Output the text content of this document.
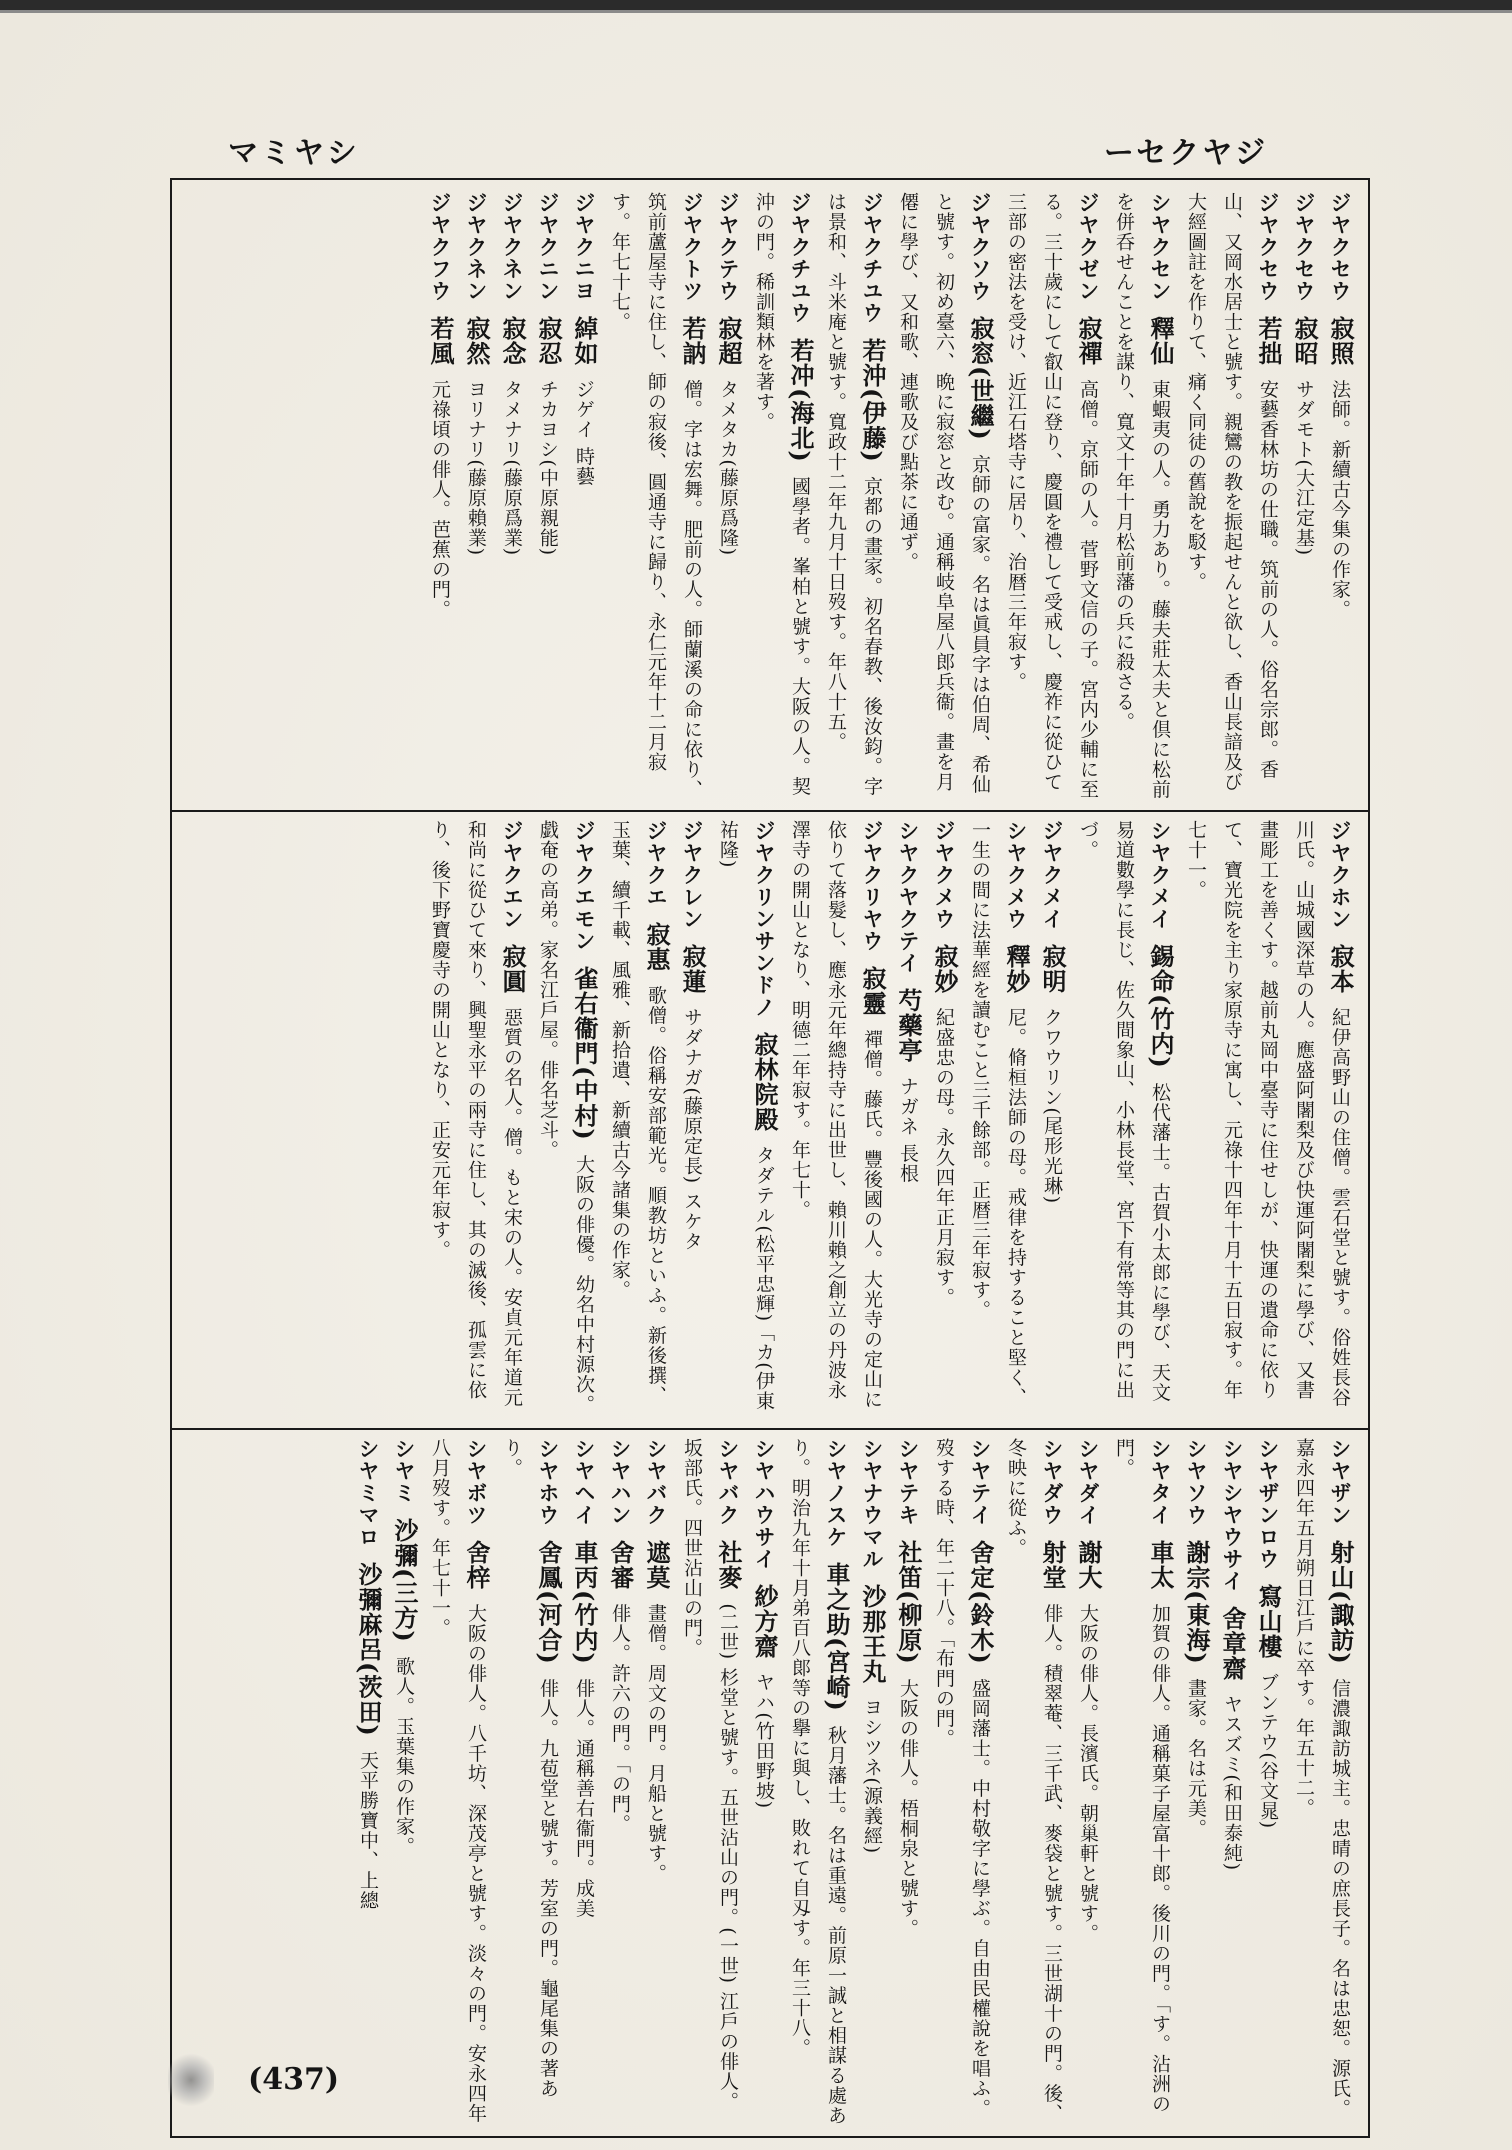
シヤミマ	ジヤクセー

ジヤクセウ 寂照 法師。新續古今集の作家。

ジヤクセウ 寂昭 サダモト(大江定基)

ジヤクセウ 若拙 安藝香林坊の仕職。筑前の人。俗名宗郎。香山、又岡水居士と號す。親鸞の教を振起せんと欲し、香山長諳及び大經圖註を作りて、痛く同徒の舊說を駁す。

シヤクセン 釋仙 東蝦夷の人。勇力あり。藤夫莊太夫と倶に松前を併呑せんことを謀り、寬文十年十月松前藩の兵に殺さる。

ジヤクゼン 寂禪 高僧。京師の人。菅野文信の子。宮内少輔に至る。三十歲にして叡山に登り、慶圓を禮して受戒し、慶祚に從ひて三部の密法を受け、近江石塔寺に居り、治暦三年寂す。

ジヤクソウ 寂窓(世繼) 京師の富家。名は眞員字は伯周、希仙と號す。初め臺六、晩に寂窓と改む。通稱岐阜屋八郎兵衞。畫を月僊に學び、又和歌、連歌及び點茶に通ず。

ジヤクチユウ 若沖(伊藤) 京都の畫家。初名春教、後汝鈞。字は景和、斗米庵と號す。寬政十二年九月十日歿す。年八十五。

ジヤクチユウ 若冲(海北) 國學者。峯柏と號す。大阪の人。契沖の門。稀訓類林を著す。

ジヤクテウ 寂超 タメタカ(藤原爲隆)

ジヤクトツ 若訥 僧。字は宏舞。肥前の人。師蘭溪の命に依り、筑前蘆屋寺に住し、師の寂後、圓通寺に歸り、永仁元年十二月寂す。年七十七。

ジヤクニヨ 綽如 ジゲイ 時藝

ジヤクニン 寂忍 チカヨシ(中原親能)

ジヤクネン 寂念 タメナリ(藤原爲業)

ジヤクネン 寂然 ヨリナリ(藤原賴業)

ジヤクフウ 若風 元祿頃の俳人。芭蕉の門。

ジヤクホン 寂本 紀伊高野山の住僧。雲石堂と號す。俗姓長谷川氏。山城國深草の人。應盛阿闍梨及び快運阿闍梨に學び、又書畫彫工を善くす。越前丸岡中臺寺に住せしが、快運の遺命に依りて、寶光院を主り家原寺に寓し、元祿十四年十月十五日寂す。年七十一。

シヤクメイ 錫命(竹内) 松代藩士。古賀小太郎に學び、天文易道數學に長じ、佐久間象山、小林長堂、宮下有常等其の門に出づ。

ジヤクメイ 寂明 クワウリン(尾形光琳)

シヤクメウ 釋妙 尼。脩桓法師の母。戒律を持すること堅く、一生の間に法華經を讀むこと三千餘部。正暦三年寂す。

ジヤクメウ 寂妙 紀盛忠の母。永久四年正月寂す。

シヤクヤクテイ 芍藥亭 ナガネ 長根

ジヤクリヤウ 寂靈 禪僧。藤氏。豐後國の人。大光寺の定山に依りて落髮し、應永元年總持寺に出世し、賴川賴之創立の丹波永澤寺の開山となり、明德二年寂す。年七十。

ジヤクリンサンドノ 寂林院殿 タダテル(松平忠輝)「カ(伊東祐隆)

ジヤクレン 寂蓮 サダナガ(藤原定長) スケタ

ジヤクエ 寂惠 歌僧。俗稱安部範光。順教坊といふ。新後撰、玉葉、續千載、風雅、新拾遺、新續古今諸集の作家。

ジヤクエモン 雀右衞門(中村) 大阪の俳優。幼名中村源次。戯奄の高弟。家名江戶屋。俳名芝斗。

ジヤクエン 寂圓 惡質の名人。僧。もと宋の人。安貞元年道元和尚に從ひて來り、興聖永平の兩寺に住し、其の滅後、孤雲に依り、後下野寶慶寺の開山となり、正安元年寂す。

シヤザン 射山(諏訪) 信濃諏訪城主。忠晴の庶長子。名は忠恕。源氏。嘉永四年五月朔日江戶に卒す。年五十二。

シヤザンロウ 寫山樓 ブンテウ(谷文晁)

シヤシヤウサイ 舍章齋 ヤスズミ(和田泰純)

シヤソウ 謝宗(東海) 畫家。名は元美。

シヤタイ 車太 加賀の俳人。通稱菓子屋富十郎。後川の門。「す。沾洲の門。

シヤダイ 謝大 大阪の俳人。長濱氏。朝巢軒と號す。

シヤダウ 射堂 俳人。積翠菴、三千武、麥袋と號す。三世湖十の門。後、冬映に從ふ。

シヤテイ 舍定(鈴木) 盛岡藩士。中村敬字に學ぶ。自由民權說を唱ふ。歿する時、年二十八。「布門の門。

シヤテキ 社笛(柳原) 大阪の俳人。梧桐泉と號す。

シヤナウマル 沙那王丸 ヨシツネ(源義經)

シヤノスケ 車之助(宮崎) 秋月藩士。名は重遠。前原一誠と相謀る處あり。明治九年十月弟百八郞等の擧に與し、敗れて自刄す。年三十八。

シヤハウサイ 紗方齋 ヤハ(竹田野坡)

シヤバク 社麥 (二世) 杉堂と號す。五世沾山の門。(一世) 江戶の俳人。坂部氏。四世沾山の門。

シヤバク 遮莫 畫僧。周文の門。月船と號す。

シヤハン 舍審 俳人。許六の門。「の門。

シヤヘイ 車丙(竹内) 俳人。通稱善右衞門。成美

シヤホウ 舍鳳(河合) 俳人。九苞堂と號す。芳室の門。龜尾集の著あり。

シヤボツ 舍梓 大阪の俳人。八千坊、深茂亭と號す。淡々の門。安永四年八月歿す。年七十一。

シヤミ 沙彌(三方) 歌人。玉葉集の作家。

シヤミマロ 沙彌麻呂(茨田) 天平勝寶中、上總

(437)
